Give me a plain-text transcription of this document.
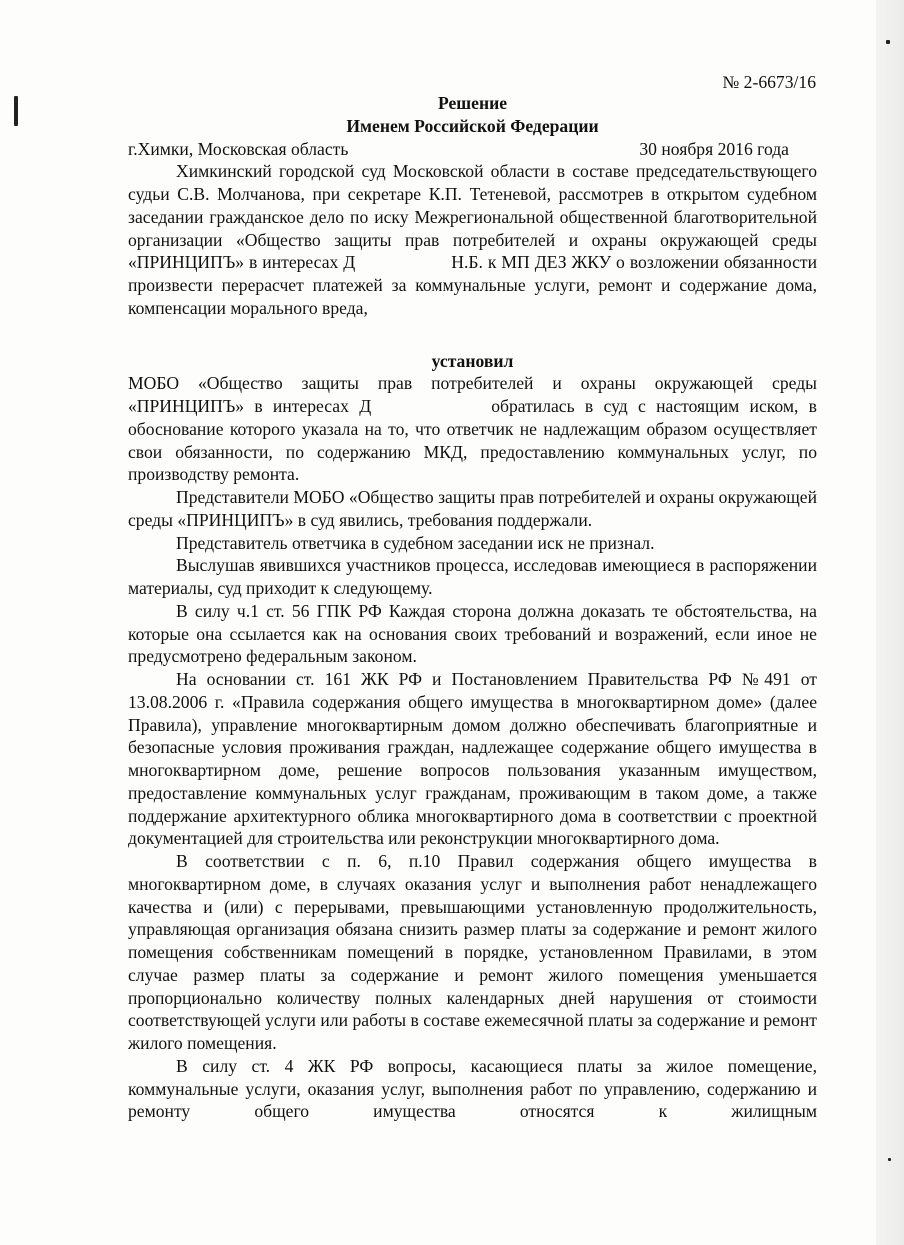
№ 2-6673/16
Решение
Именем Российской Федерации
г.Химки, Московская область	30 ноября 2016 года

Химкинский городской суд Московской области в составе председательствующего судьи С.В. Молчанова, при секретаре К.П. Тетеневой, рассмотрев в открытом судебном заседании гражданское дело по иску Межрегиональной общественной благотворительной организации «Общество защиты прав потребителей и охраны окружающей среды «ПРИНЦИПЪ» в интересах Д	Н.Б. к МП ДЕЗ ЖКУ о возложении обязанности произвести перерасчет платежей за коммунальные услуги, ремонт и содержание дома, компенсации морального вреда,

установил

МОБО «Общество защиты прав потребителей и охраны окружающей среды «ПРИНЦИПЪ» в интересах Д	обратилась в суд с настоящим иском, в обоснование которого указала на то, что ответчик не надлежащим образом осуществляет свои обязанности, по содержанию МКД, предоставлению коммунальных услуг, по производству ремонта.

Представители МОБО «Общество защиты прав потребителей и охраны окружающей среды «ПРИНЦИПЪ» в суд явились, требования поддержали.

Представитель ответчика в судебном заседании иск не признал.

Выслушав явившихся участников процесса, исследовав имеющиеся в распоряжении материалы, суд приходит к следующему.

В силу ч.1 ст. 56 ГПК РФ Каждая сторона должна доказать те обстоятельства, на которые она ссылается как на основания своих требований и возражений, если иное не предусмотрено федеральным законом.

На основании ст. 161 ЖК РФ и Постановлением Правительства РФ №491 от 13.08.2006 г. «Правила содержания общего имущества в многоквартирном доме» (далее Правила), управление многоквартирным домом должно обеспечивать благоприятные и безопасные условия проживания граждан, надлежащее содержание общего имущества в многоквартирном доме, решение вопросов пользования указанным имуществом, предоставление коммунальных услуг гражданам, проживающим в таком доме, а также поддержание архитектурного облика многоквартирного дома в соответствии с проектной документацией для строительства или реконструкции многоквартирного дома.

В соответствии с п. 6, п.10 Правил содержания общего имущества в многоквартирном доме, в случаях оказания услуг и выполнения работ ненадлежащего качества и (или) с перерывами, превышающими установленную продолжительность, управляющая организация обязана снизить размер платы за содержание и ремонт жилого помещения собственникам помещений в порядке, установленном Правилами, в этом случае размер платы за содержание и ремонт жилого помещения уменьшается пропорционально количеству полных календарных дней нарушения от стоимости соответствующей услуги или работы в составе ежемесячной платы за содержание и ремонт жилого помещения.

В силу ст. 4 ЖК РФ вопросы, касающиеся платы за жилое помещение, коммунальные услуги, оказания услуг, выполнения работ по управлению, содержанию и ремонту общего имущества относятся к жилищным
